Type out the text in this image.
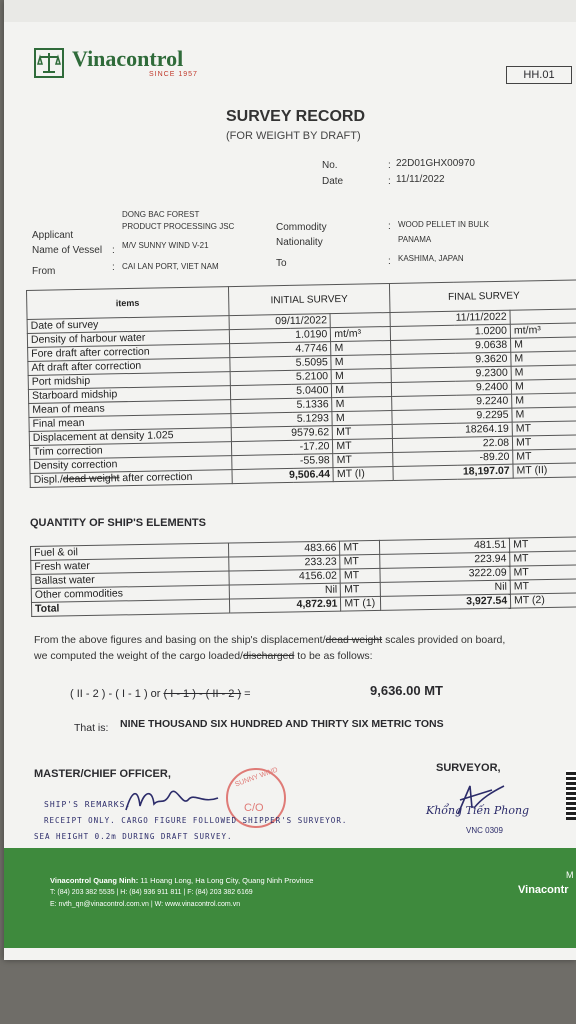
Vinacontrol
SINCE 1957	HH.01
SURVEY RECORD
(FOR WEIGHT BY DRAFT)
No.	: 22D01GHX00970
Date	: 11/11/2022
DONG BAC FOREST
PRODUCT PROCESSING JSC
Applicant
Name of Vessel : M/V SUNNY WIND V-21
From	: CAI LAN PORT, VIET NAM
Commodity	: WOOD PELLET IN BULK
Nationality	PANAMA
To	: KASHIMA, JAPAN
items	INITIAL SURVEY		FINAL SURVEY	
Date of survey	09/11/2022		11/11/2022	
Density of harbour water	1.0190	mt/m³	1.0200	mt/m³
Fore draft after correction	4.7746	M	9.0638	M
Aft draft after correction	5.5095	M	9.3620	M
Port midship	5.2100	M	9.2300	M
Starboard midship	5.0400	M	9.2400	M
Mean of means	5.1336	M	9.2240	M
Final mean	5.1293	M	9.2295	M
Displacement at density 1.025	9579.62	MT	18264.19	MT
Trim correction	-17.20	MT	22.08	MT
Density correction	-55.98	MT	-89.20	MT
Displ./dead weight after correction	9,506.44	MT (I)	18,197.07	MT (II)
QUANTITY OF SHIP'S ELEMENTS
Fuel & oil	483.66	MT	481.51	MT
Fresh water	233.23	MT	223.94	MT
Ballast water	4156.02	MT	3222.09	MT
Other commodities	Nil	MT	Nil	MT
Total	4,872.91	MT (1)	3,927.54	MT (2)
From the above figures and basing on the ship's displacement/dead weight scales provided on board,
we computed the weight of the cargo loaded/discharged to be as follows:
( II - 2 ) - ( I - 1 ) or ( I - 1 ) - ( II - 2 ) =	9,636.00 MT
That is: NINE THOUSAND SIX HUNDRED AND THIRTY SIX METRIC TONS
MASTER/CHIEF OFFICER,	SURVEYOR,
SUNNY WIND
C/O	Khổng Tiến Phong
VNC 0309
SHIP'S REMARKS.
RECEIPT ONLY. CARGO FIGURE FOLLOWED SHIPPER'S SURVEYOR.
SEA HEIGHT 0.2m DURING DRAFT SURVEY.
Vinacontrol Quang Ninh: 11 Hoang Long, Ha Long City, Quang Ninh Province
T: (84) 203 382 5535 | H: (84) 936 911 811 | F: (84) 203 382 6169
E: nvth_qn@vinacontrol.com.vn | W: www.vinacontrol.com.vn
Vinacontr
M
